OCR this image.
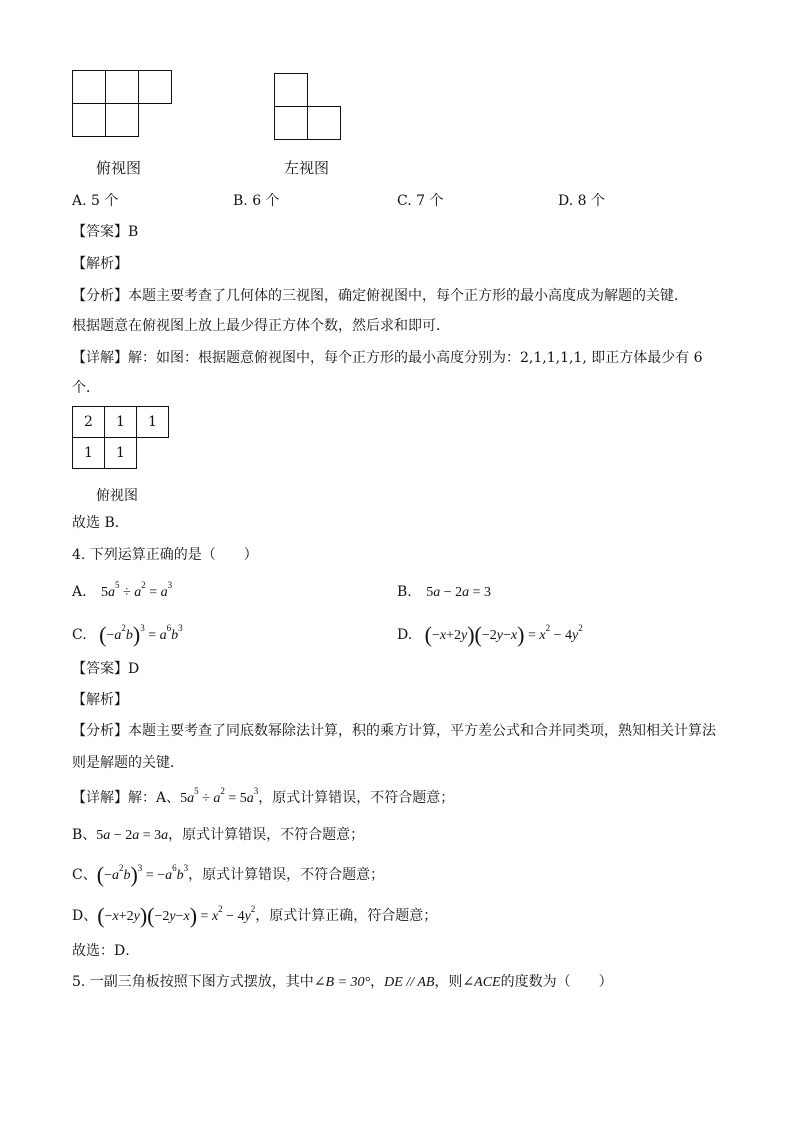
俯视图	左视图
A. 5 个	B. 6 个	C. 7 个	D. 8 个
【答案】B
【解析】
【分析】本题主要考查了几何体的三视图，确定俯视图中，每个正方形的最小高度成为解题的关键．
根据题意在俯视图上放上最少得正方体个数，然后求和即可．
【详解】解：如图：根据题意俯视图中，每个正方形的最小高度分别为：2,1,1,1,1, 即正方体最少有 6
个．
2	1	1
1	1
俯视图
故选 B．
4. 下列运算正确的是（　　）
A. $5a^5 \div a^2 = a^3$	B. 5a − 2a = 3
C. $(-a^2b)^3 = a^6b^3$	D. $(-x+2y)(-2y-x) = x^2 - 4y^2$
【答案】D
【解析】
【分析】本题主要考查了同底数幂除法计算，积的乘方计算，平方差公式和合并同类项，熟知相关计算法
则是解题的关键．
【详解】解：A、$5a^5 \div a^2 = 5a^3$，原式计算错误，不符合题意；
B、5a − 2a = 3a，原式计算错误，不符合题意；
C、$(-a^2b)^3 = -a^6b^3$，原式计算错误，不符合题意；
D、$(-x+2y)(-2y-x) = x^2 - 4y^2$，原式计算正确，符合题意；
故选：D．
5. 一副三角板按照下图方式摆放，其中∠B = 30°，DE // AB，则∠ACE的度数为（　　）
